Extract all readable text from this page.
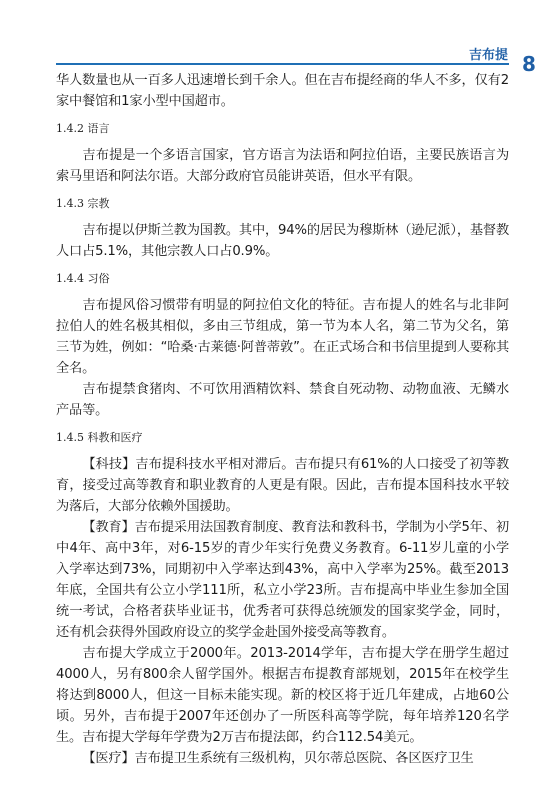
吉布提 8

华人数量也从一百多人迅速增长到千余人。但在吉布提经商的华人不多，仅有2家中餐馆和1家小型中国超市。

1.4.2 语言

吉布提是一个多语言国家，官方语言为法语和阿拉伯语，主要民族语言为索马里语和阿法尔语。大部分政府官员能讲英语，但水平有限。

1.4.3 宗教

吉布提以伊斯兰教为国教。其中，94%的居民为穆斯林（逊尼派），基督教人口占5.1%，其他宗教人口占0.9%。

1.4.4 习俗

吉布提风俗习惯带有明显的阿拉伯文化的特征。吉布提人的姓名与北非阿拉伯人的姓名极其相似，多由三节组成，第一节为本人名，第二节为父名，第三节为姓，例如：“哈桑·古莱德·阿普蒂敦”。在正式场合和书信里提到人要称其全名。

吉布提禁食猪肉、不可饮用酒精饮料、禁食自死动物、动物血液、无鳞水产品等。

1.4.5 科教和医疗

【科技】吉布提科技水平相对滞后。吉布提只有61%的人口接受了初等教育，接受过高等教育和职业教育的人更是有限。因此，吉布提本国科技水平较为落后，大部分依赖外国援助。

【教育】吉布提采用法国教育制度、教育法和教科书，学制为小学5年、初中4年、高中3年，对6-15岁的青少年实行免费义务教育。6-11岁儿童的小学入学率达到73%，同期初中入学率达到43%，高中入学率为25%。截至2013年底，全国共有公立小学111所，私立小学23所。吉布提高中毕业生参加全国统一考试，合格者获毕业证书，优秀者可获得总统颁发的国家奖学金，同时，还有机会获得外国政府设立的奖学金赴国外接受高等教育。

吉布提大学成立于2000年。2013-2014学年，吉布提大学在册学生超过4000人，另有800余人留学国外。根据吉布提教育部规划，2015年在校学生将达到8000人，但这一目标未能实现。新的校区将于近几年建成，占地60公顷。另外，吉布提于2007年还创办了一所医科高等学院，每年培养120名学生。吉布提大学每年学费为2万吉布提法郎，约合112.54美元。

【医疗】吉布提卫生系统有三级机构，贝尔蒂总医院、各区医疗卫生
